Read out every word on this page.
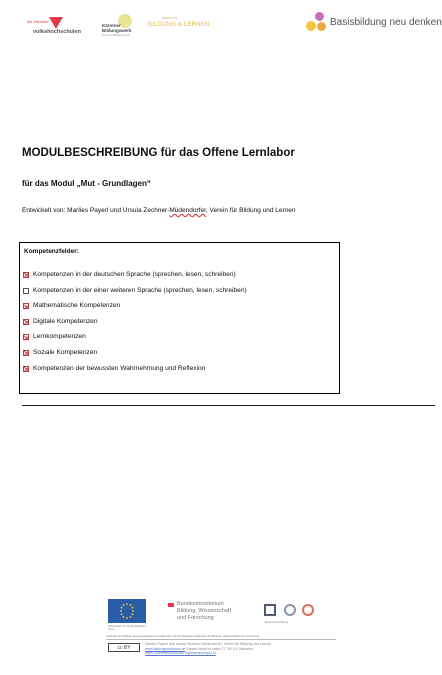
die Kärntner
volkshochschulen
Kärntner
Bildungswerk
Wissen & Bildung für alle
VEREIN FÜR
BILDUNG & LERNEN	Basisbildung neu denken
MODULBESCHREIBUNG für das Offene Lernlabor
für das Modul „Mut - Grundlagen“
Entwickelt von: Marlies Payerl und Ursula Zechner-Müdendorfer, Verein für Bildung und Lernen
Kompetenzfelder:
Kompetenzen in der deutschen Sprache (sprechen, lesen, schreiben)
Kompetenzen in der einer weiteren Sprache (sprechen, lesen, schreiben)
Mathematische Kompetenzen
Digitale Kompetenzen
Lernkompetenzen
Soziale Kompetenzen
Kompetenzen der bewussten Wahrnehmung und Reflexion
Kofinanziert von der Europäischen Union
Bundesministerium
Bildung, Wissenschaft
und Forschung
Erwachsenenbildung
Gefördert aus Mitteln des Europäischen Sozialfonds und des Bundesministeriums für Bildung, Wissenschaft und Forschung
cc BY
Marlies Payerl und Ursula Zechner-Müdendorfer, Verein für Bildung und Lernen
www.bildungundlernen.at Dieses Werk ist unter CC BY 4.0 lizenziert
https://creativecommons.org/licenses/by/4.0/
